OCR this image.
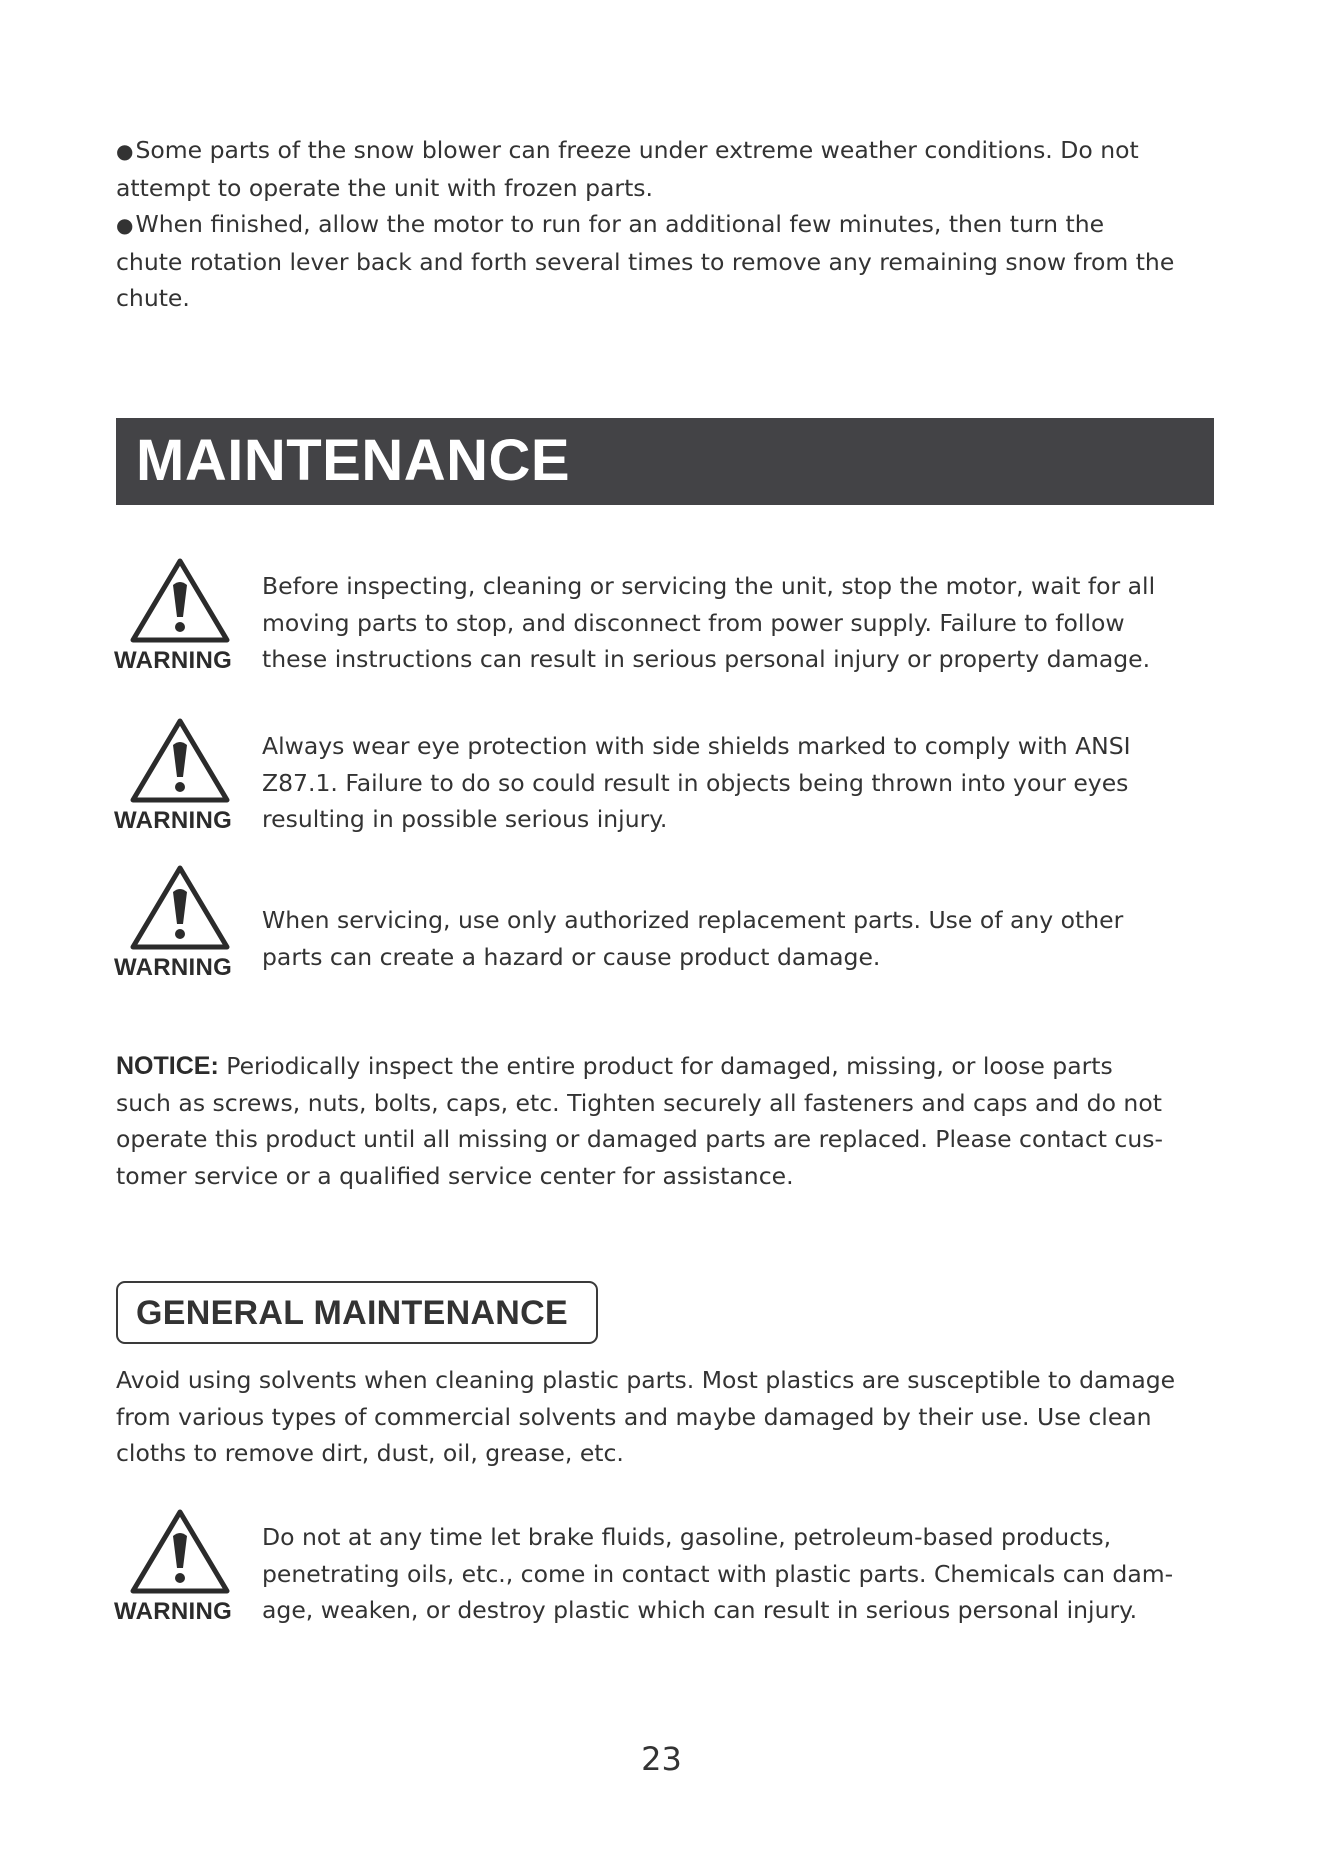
●Some parts of the snow blower can freeze under extreme weather conditions. Do not
attempt to operate the unit with frozen parts.

●When finished, allow the motor to run for an additional few minutes, then turn the
chute rotation lever back and forth several times to remove any remaining snow from the
chute.

MAINTENANCE
WARNING

Before inspecting, cleaning or servicing the unit, stop the motor, wait for all
moving parts to stop, and disconnect from power supply. Failure to follow
these instructions can result in serious personal injury or property damage.

WARNING

Always wear eye protection with side shields marked to comply with ANSI
Z87.1. Failure to do so could result in objects being thrown into your eyes
resulting in possible serious injury.

WARNING

When servicing, use only authorized replacement parts. Use of any other
parts can create a hazard or cause product damage.

NOTICE: Periodically inspect the entire product for damaged, missing, or loose parts
such as screws, nuts, bolts, caps, etc. Tighten securely all fasteners and caps and do not
operate this product until all missing or damaged parts are replaced. Please contact cus-
tomer service or a qualified service center for assistance.

GENERAL MAINTENANCE

Avoid using solvents when cleaning plastic parts. Most plastics are susceptible to damage
from various types of commercial solvents and maybe damaged by their use. Use clean
cloths to remove dirt, dust, oil, grease, etc.

WARNING

Do not at any time let brake fluids, gasoline, petroleum-based products,
penetrating oils, etc., come in contact with plastic parts. Chemicals can dam-
age, weaken, or destroy plastic which can result in serious personal injury.

23
